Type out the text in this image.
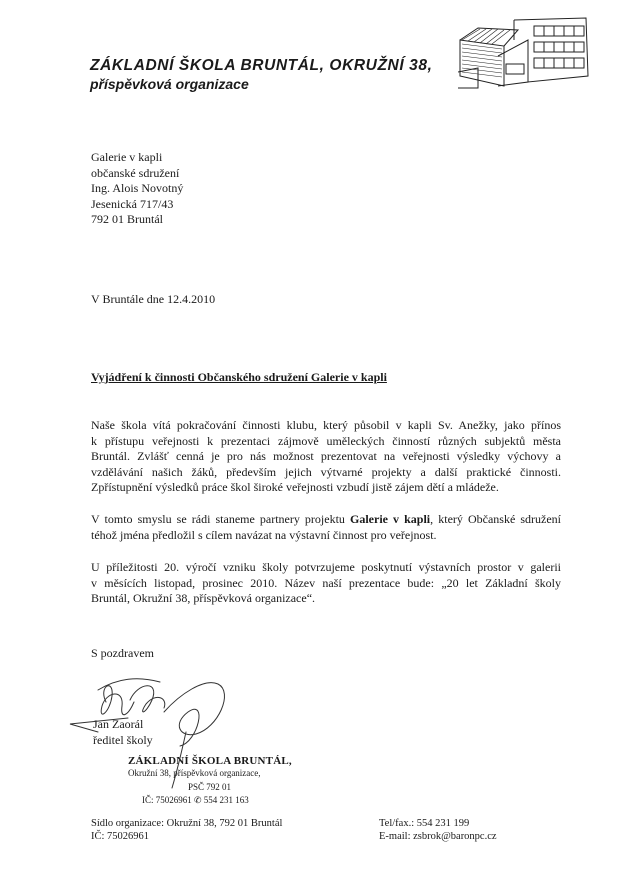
ZÁKLADNÍ ŠKOLA BRUNTÁL, OKRUŽNÍ 38,
příspěvková organizace
Galerie v kapli
občanské sdružení
Ing. Alois Novotný
Jesenická 717/43
792 01 Bruntál
V Bruntále dne 12.4.2010
Vyjádření k činnosti Občanského sdružení Galerie v kapli
Naše škola vítá pokračování činnosti klubu, který působil v kapli Sv. Anežky, jako přínos
k přístupu veřejnosti k prezentaci zájmově uměleckých činností různých subjektů města
Bruntál. Zvlášť cenná je pro nás možnost prezentovat na veřejnosti výsledky výchovy a
vzdělávání našich žáků, především jejich výtvarné projekty a další praktické činnosti.
Zpřístupnění výsledků práce škol široké veřejnosti vzbudí jistě zájem dětí a mládeže.
V tomto smyslu se rádi staneme partnery projektu Galerie v kapli, který Občanské sdružení
téhož jména předložil s cílem navázat na výstavní činnost pro veřejnost.
U příležitosti 20. výročí vzniku školy potvrzujeme poskytnutí výstavních prostor v galerii
v měsících listopad, prosinec 2010. Název naší prezentace bude: „20 let Základní školy
Bruntál, Okružní 38, příspěvková organizace“.
S pozdravem
ZÁKLADNÍ ŠKOLA BRUNTÁL,
Okružní 38, příspěvková organizace,
PSČ 792 01
IČ: 75026961 ✆ 554 231 163
Jan Zaorál
ředitel školy
Sídlo organizace: Okružní 38, 792 01 Bruntál
IČ: 75026961
Tel/fax.: 554 231 199
E-mail: zsbrok@baronpc.cz
